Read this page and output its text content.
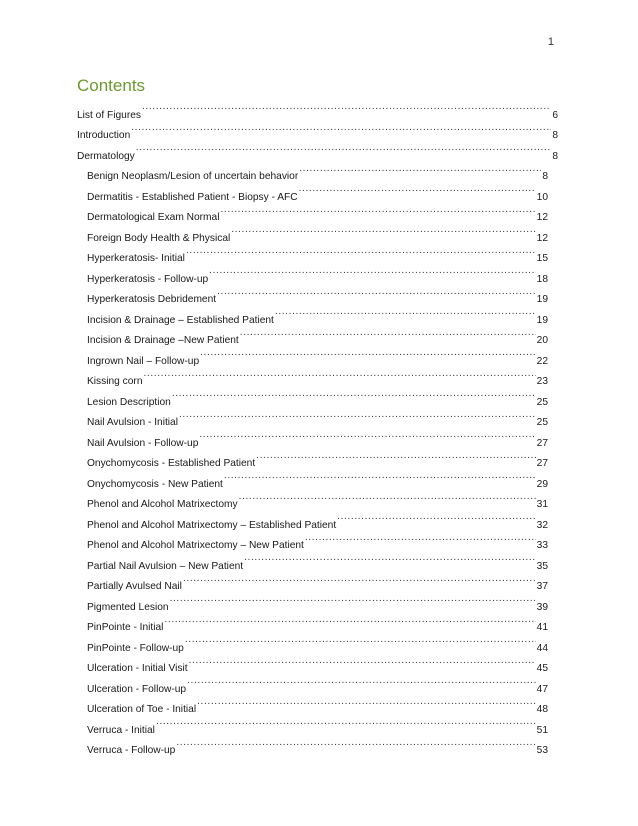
1
Contents
List of Figures .....	6
Introduction .....	8
Dermatology .....	8
Benign Neoplasm/Lesion of uncertain behavior .....	8
Dermatitis - Established Patient - Biopsy - AFC .....	10
Dermatological Exam Normal .....	12
Foreign Body Health & Physical .....	12
Hyperkeratosis- Initial .....	15
Hyperkeratosis - Follow-up .....	18
Hyperkeratosis Debridement .....	19
Incision & Drainage – Established Patient .....	19
Incision & Drainage –New Patient .....	20
Ingrown Nail – Follow-up .....	22
Kissing corn .....	23
Lesion Description .....	25
Nail Avulsion - Initial .....	25
Nail Avulsion - Follow-up .....	27
Onychomycosis - Established Patient .....	27
Onychomycosis - New Patient .....	29
Phenol and Alcohol Matrixectomy .....	31
Phenol and Alcohol Matrixectomy – Established Patient .....	32
Phenol and Alcohol Matrixectomy – New Patient .....	33
Partial Nail Avulsion – New Patient .....	35
Partially Avulsed Nail .....	37
Pigmented Lesion .....	39
PinPointe - Initial .....	41
PinPointe - Follow-up .....	44
Ulceration - Initial Visit .....	45
Ulceration - Follow-up .....	47
Ulceration of Toe - Initial .....	48
Verruca - Initial .....	51
Verruca - Follow-up .....	53
